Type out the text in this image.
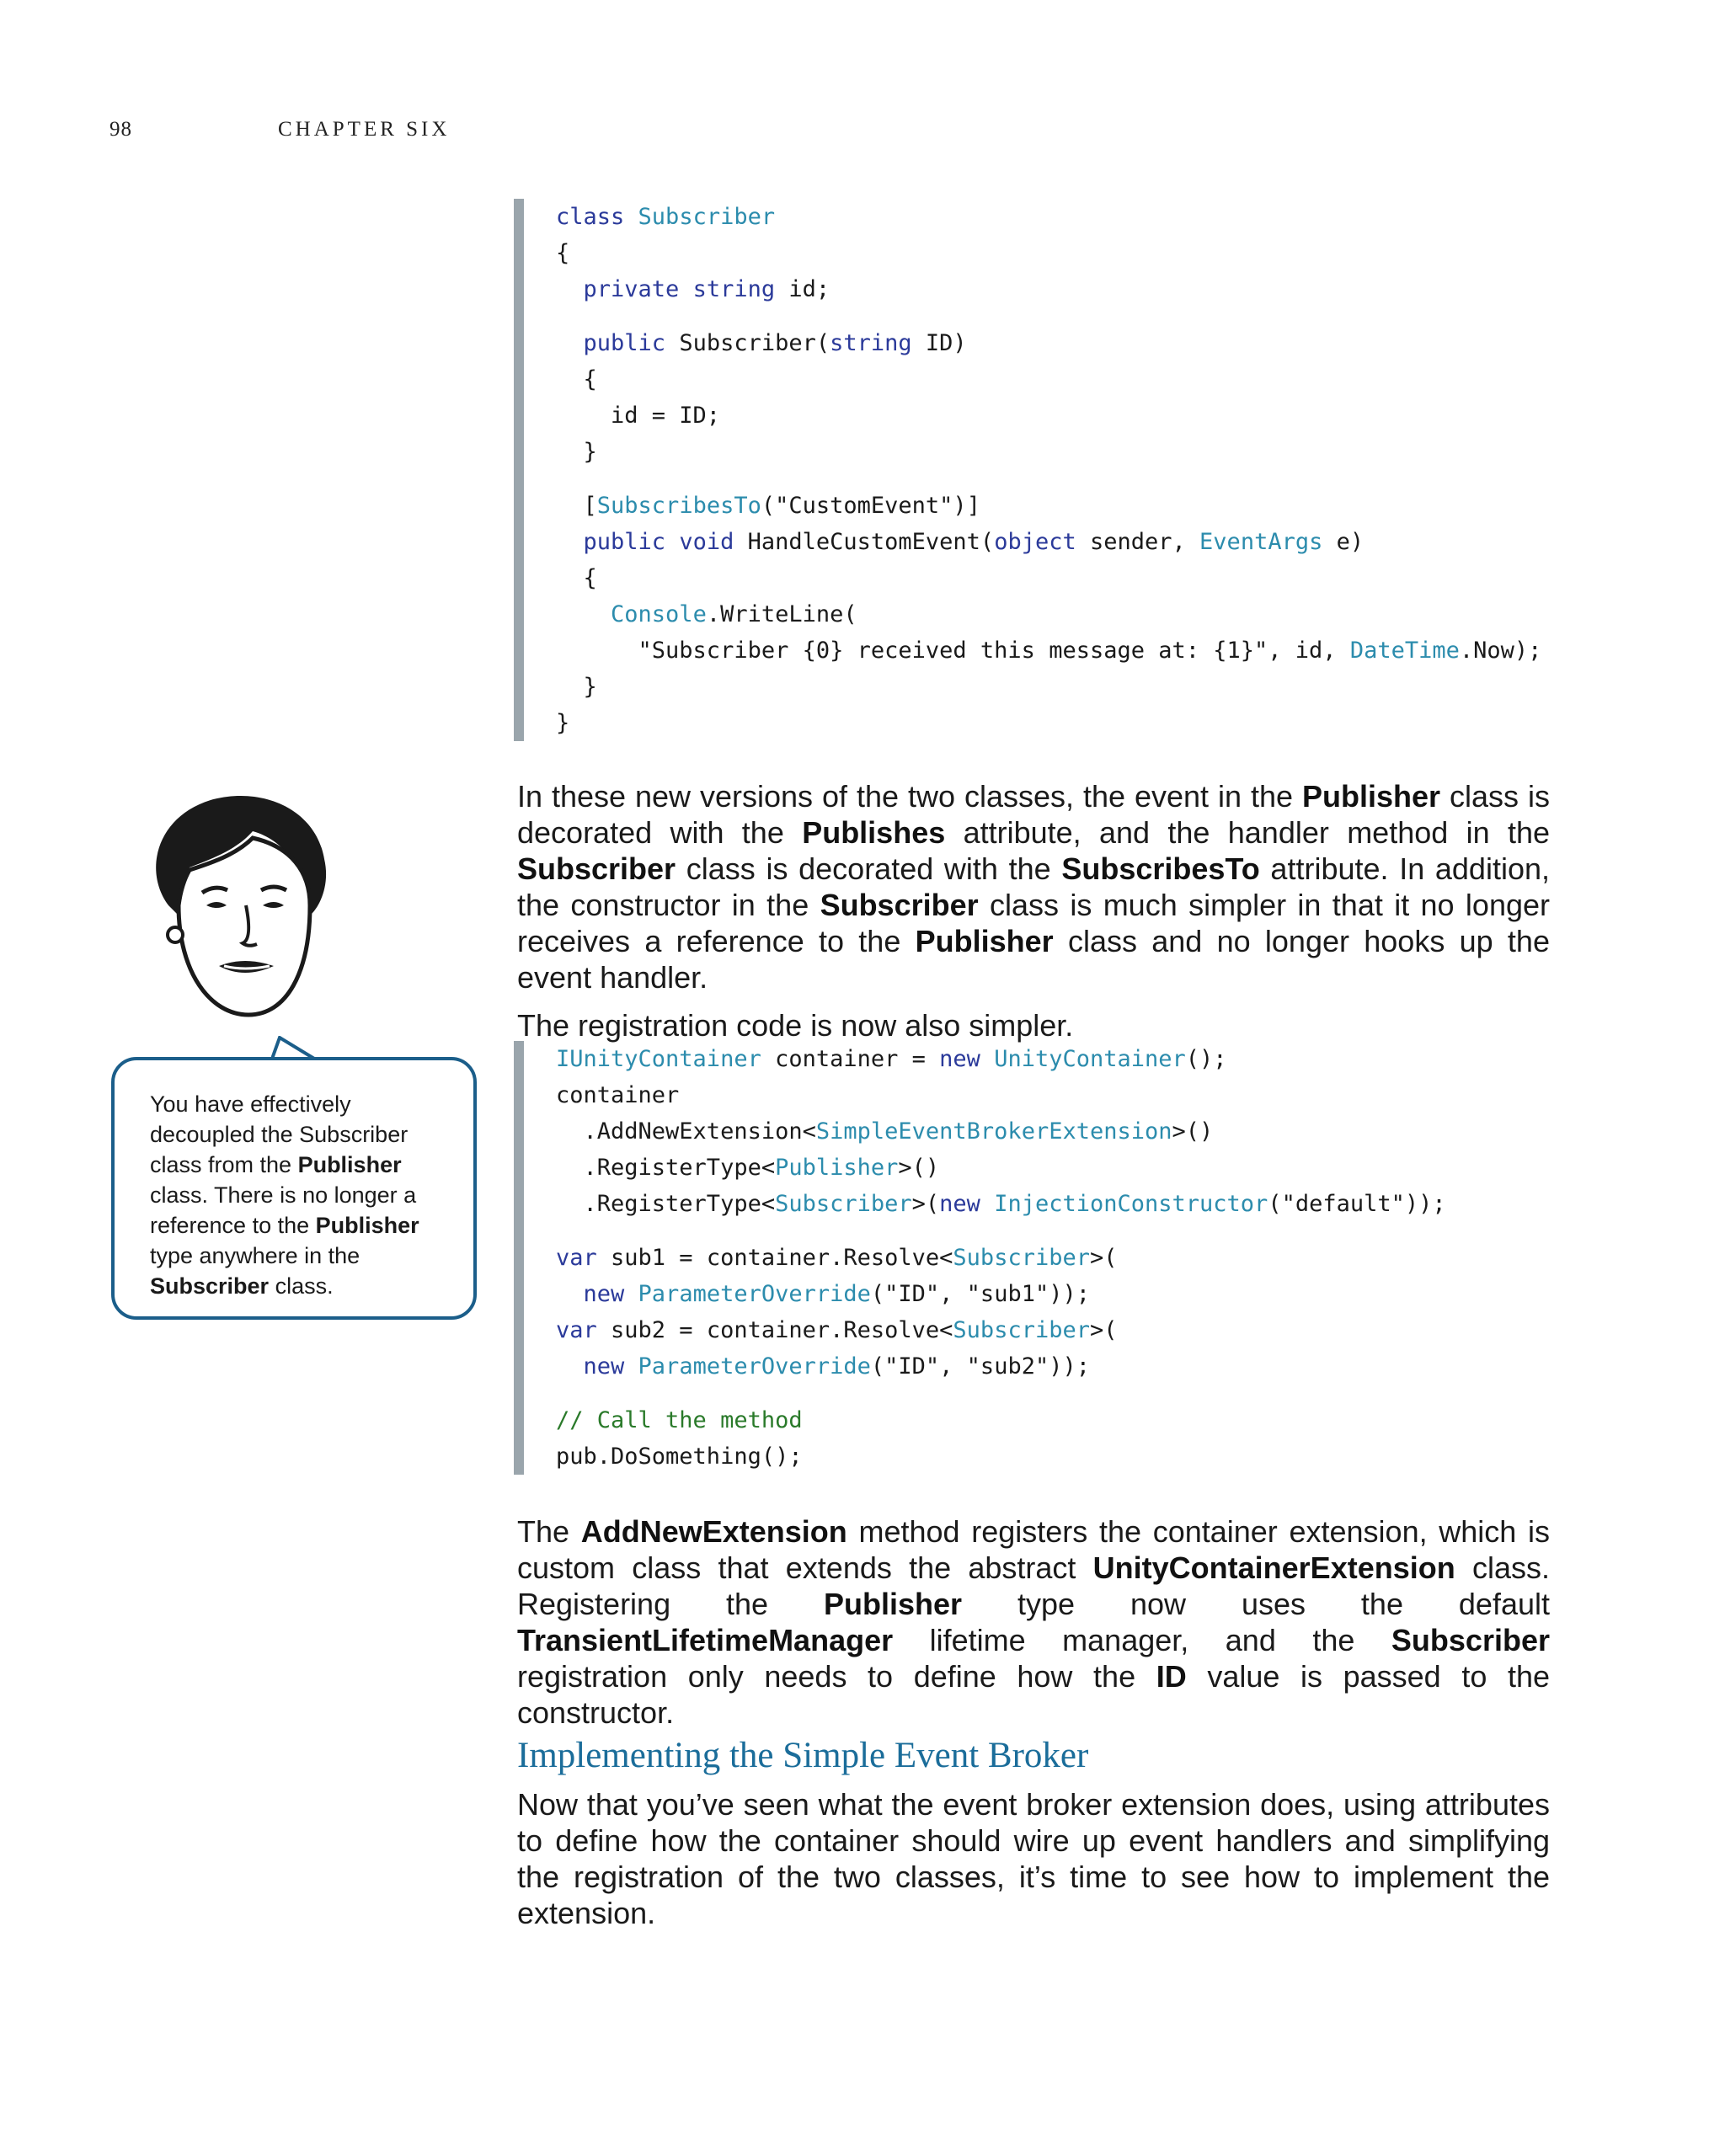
98	CHAPTER SIX
class Subscriber
{
private string id;
public Subscriber(string ID)
{
id = ID;
}
[SubscribesTo("CustomEvent")]
public void HandleCustomEvent(object sender, EventArgs e)
{
Console.WriteLine(
"Subscriber {0} received this message at: {1}", id, DateTime.Now);
}
}

In these new versions of the two classes, the event in the Publisher class is decorated with the Publishes attribute, and the handler method in the Subscriber class is decorated with the SubscribesTo attribute. In addition, the constructor in the Subscriber class is much simpler in that it no longer receives a reference to the Publisher class and no longer hooks up the event handler.

The registration code is now also simpler.

IUnityContainer container = new UnityContainer();
container
.AddNewExtension<SimpleEventBrokerExtension>()
.RegisterType<Publisher>()
.RegisterType<Subscriber>(new InjectionConstructor("default"));
var sub1 = container.Resolve<Subscriber>(
new ParameterOverride("ID", "sub1"));
var sub2 = container.Resolve<Subscriber>(
new ParameterOverride("ID", "sub2"));
// Call the method
pub.DoSomething();

The AddNewExtension method registers the container extension, which is custom class that extends the abstract UnityContainerExtension class. Registering the Publisher type now uses the default TransientLifetimeManager lifetime manager, and the Subscriber registration only needs to define how the ID value is passed to the constructor.

Implementing the Simple Event Broker

Now that you’ve seen what the event broker extension does, using attributes to define how the container should wire up event handlers and simplifying the registration of the two classes, it’s time to see how to implement the extension.

You have effectively decoupled the Subscriber class from the Publisher class. There is no longer a reference to the Publisher type anywhere in the Subscriber class.
